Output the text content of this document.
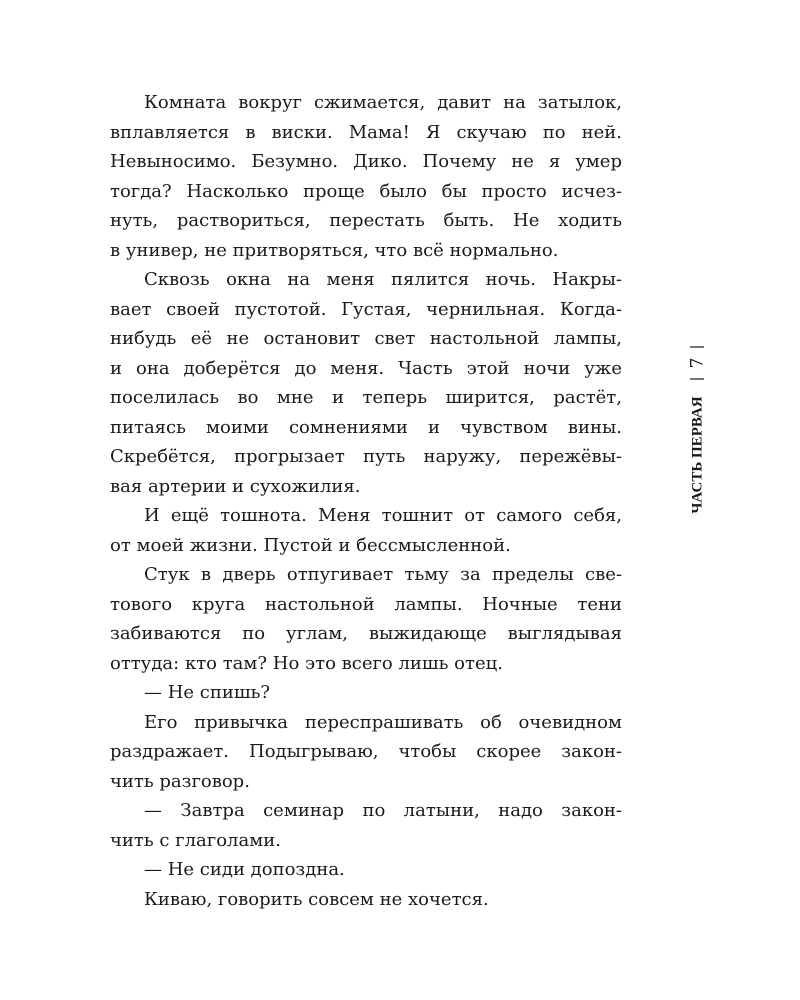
Комната вокруг сжимается, давит на затылок,
вплавляется в виски. Мама! Я скучаю по ней.
Невыносимо. Безумно. Дико. Почему не я умер
тогда? Насколько проще было бы просто исчез-
нуть, раствориться, перестать быть. Не ходить
в универ, не притворяться, что всё нормально.
Сквозь окна на меня пялится ночь. Накры-
вает своей пустотой. Густая, чернильная. Когда-
нибудь её не остановит свет настольной лампы,
и она доберётся до меня. Часть этой ночи уже
поселилась во мне и теперь ширится, растёт,
питаясь моими сомнениями и чувством вины.
Скребётся, прогрызает путь наружу, пережёвы-
вая артерии и сухожилия.
И ещё тошнота. Меня тошнит от самого себя,
от моей жизни. Пустой и бессмысленной.
Стук в дверь отпугивает тьму за пределы све-
тового круга настольной лампы. Ночные тени
забиваются по углам, выжидающе выглядывая
оттуда: кто там? Но это всего лишь отец.
— Не спишь?
Его привычка переспрашивать об очевидном
раздражает. Подыгрываю, чтобы скорее закон-
чить разговор.
— Завтра семинар по латыни, надо закон-
чить с глаголами.
— Не сиди допоздна.
Киваю, говорить совсем не хочется.
7
ЧАСТЬ ПЕРВАЯ
